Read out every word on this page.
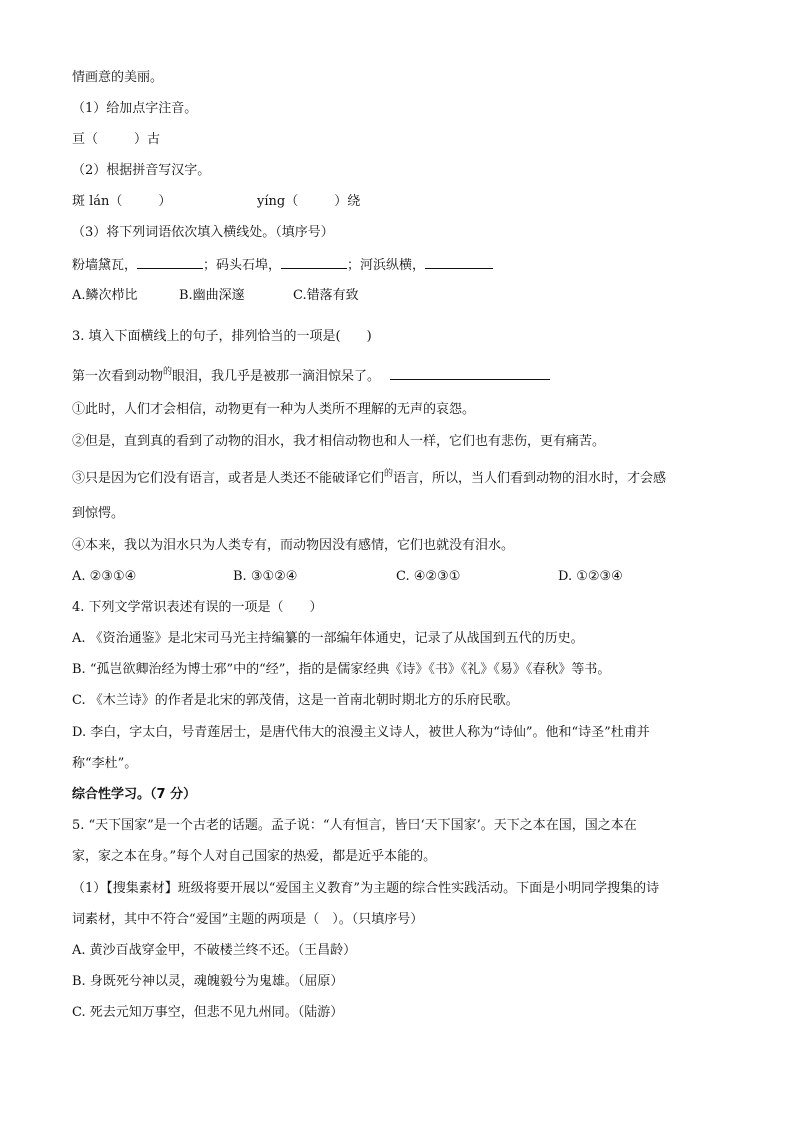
情画意的美丽。
（1）给加点字注音。
亘（	）古
（2）根据拼音写汉字。
斑 lán（	）	yíng（	）绕
（3）将下列词语依次填入横线处。（填序号）
粉墙黛瓦，	；码头石埠，	；河浜纵横，
A.鳞次栉比	B.幽曲深邃	C.错落有致
3. 填入下面横线上的句子，排列恰当的一项是(　　)
第一次看到动物$^的$眼泪，我几乎是被那一滴泪惊呆了。
①此时，人们才会相信，动物更有一种为人类所不理解的无声的哀怨。
②但是，直到真的看到了动物的泪水，我才相信动物也和人一样，它们也有悲伤，更有痛苦。
③只是因为它们没有语言，或者是人类还不能破译它们$^的$语言，所以，当人们看到动物的泪水时，才会感
到惊愕。
④本来，我以为泪水只为人类专有，而动物因没有感情，它们也就没有泪水。
A. ②③①④	B. ③①②④	C. ④②③①	D. ①②③④
4. 下列文学常识表述有误的一项是（　　）
A. 《资治通鉴》是北宋司马光主持编纂的一部编年体通史，记录了从战国到五代的历史。
B. “孤岂欲卿治经为博士邪”中的“经”，指的是儒家经典《诗》《书》《礼》《易》《春秋》等书。
C. 《木兰诗》的作者是北宋的郭茂倩，这是一首南北朝时期北方的乐府民歌。
D. 李白，字太白，号青莲居士，是唐代伟大的浪漫主义诗人，被世人称为“诗仙”。他和“诗圣”杜甫并
称“李杜”。
综合性学习。（7 分）
5. “天下国家”是一个古老的话题。孟子说：“人有恒言，皆曰‘天下国家’。天下之本在国，国之本在
家，家之本在身。”每个人对自己国家的热爱，都是近乎本能的。
（1）【搜集素材】班级将要开展以“爱国主义教育”为主题的综合性实践活动。下面是小明同学搜集的诗
词素材，其中不符合“爱国”主题的两项是（　）。（只填序号）
A. 黄沙百战穿金甲，不破楼兰终不还。（王昌龄）
B. 身既死兮神以灵，魂魄毅兮为鬼雄。（屈原）
C. 死去元知万事空，但悲不见九州同。（陆游）
